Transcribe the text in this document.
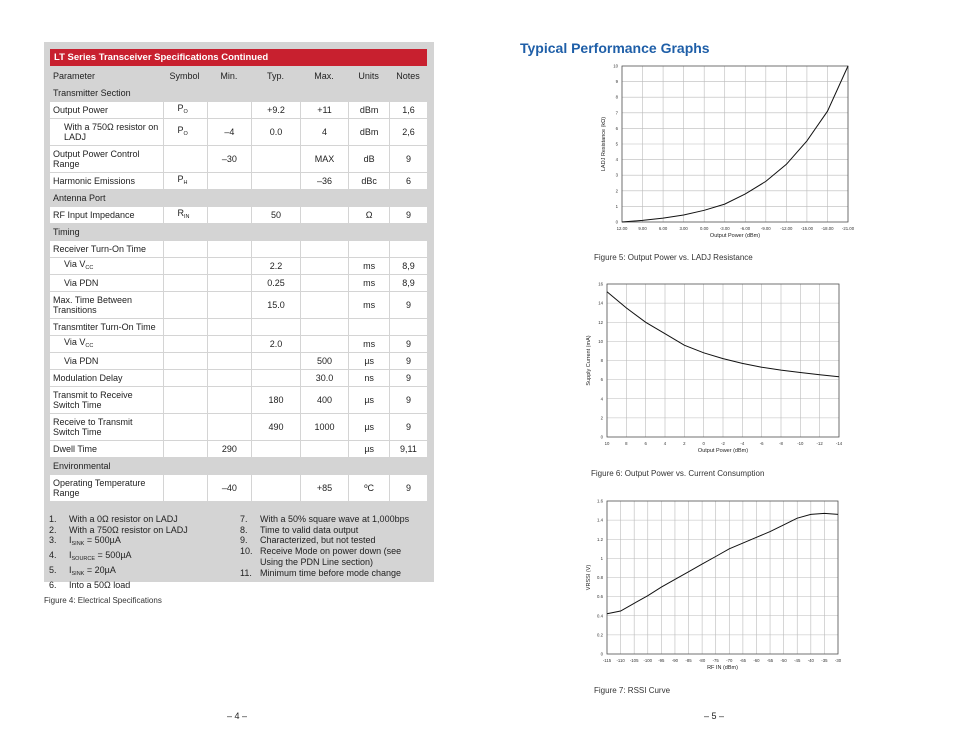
LT Series Transceiver Specifications Continued
Parameter	Symbol	Min.	Typ.	Max.	Units	Notes
Transmitter Section						
Output Power	$P_O$		+9.2	+11	dBm	1,6
With a 750Ω resistor on LADJ	$P_O$	–4	0.0	4	dBm	2,6
Output Power Control Range		–30		MAX	dB	9
Harmonic Emissions	$P_H$			–36	dBc	6
Antenna Port						
RF Input Impedance	$R_{IN}$		50		Ω	9
Timing						
Receiver Turn-On Time						
Via $V_{CC}$			2.2		ms	8,9
Via PDN			0.25		ms	8,9
Max. Time Between Transitions			15.0		ms	9
Transmtiter Turn-On Time						
Via $V_{CC}$			2.0		ms	9
Via PDN				500	µs	9
Modulation Delay				30.0	ns	9
Transmit to Receive Switch Time			180	400	µs	9
Receive to Transmit Switch Time			490	1000	µs	9
Dwell Time		290			µs	9,11
Environmental						
Operating Temperature Range		–40		+85	ºC	9
1. With a 0Ω resistor on LADJ
2. With a 750Ω resistor on LADJ
3. $I_{SINK} = 500\mu A$
4. $I_{SOURCE} = 500\mu A$
5. $I_{SINK} = 20\mu A$
6. Into a 50Ω load
7. With a 50% square wave at 1,000bps
8. Time to valid data output
9. Characterized, but not tested
10. Receive Mode on power down (see
Using the PDN Line section)
11. Minimum time before mode change
Figure 4: Electrical Specifications
– 4 –
Typical Performance Graphs
12.00	9.00	6.00	3.00	0.00	-3.00 -6.00 -9.00 -12.00 -15.00 -18.00 -21.00
0
1
2
3
4
5
6
7
8
9
10
Output Power (dBm)
LADJ Resistance (kΩ)
Figure 5: Output Power vs. LADJ Resistance
10	8	6	4	2	0	-2	-4	-6	-8	-10	-12	-14
0
2
4
6
8
10
12
14
16
Output Power (dBm)
Supply Current (mA)
Figure 6: Output Power vs. Current Consumption
-115 -110 -105 -100 -95 -90 -85 -80 -75 -70 -65 -60 -55 -50 -45 -40 -35 -30
0
0.2
0.4
0.6
0.8
1
1.2
1.4
1.6
RF IN (dBm)
VRSSI (V)
Figure 7: RSSI Curve
– 5 –
